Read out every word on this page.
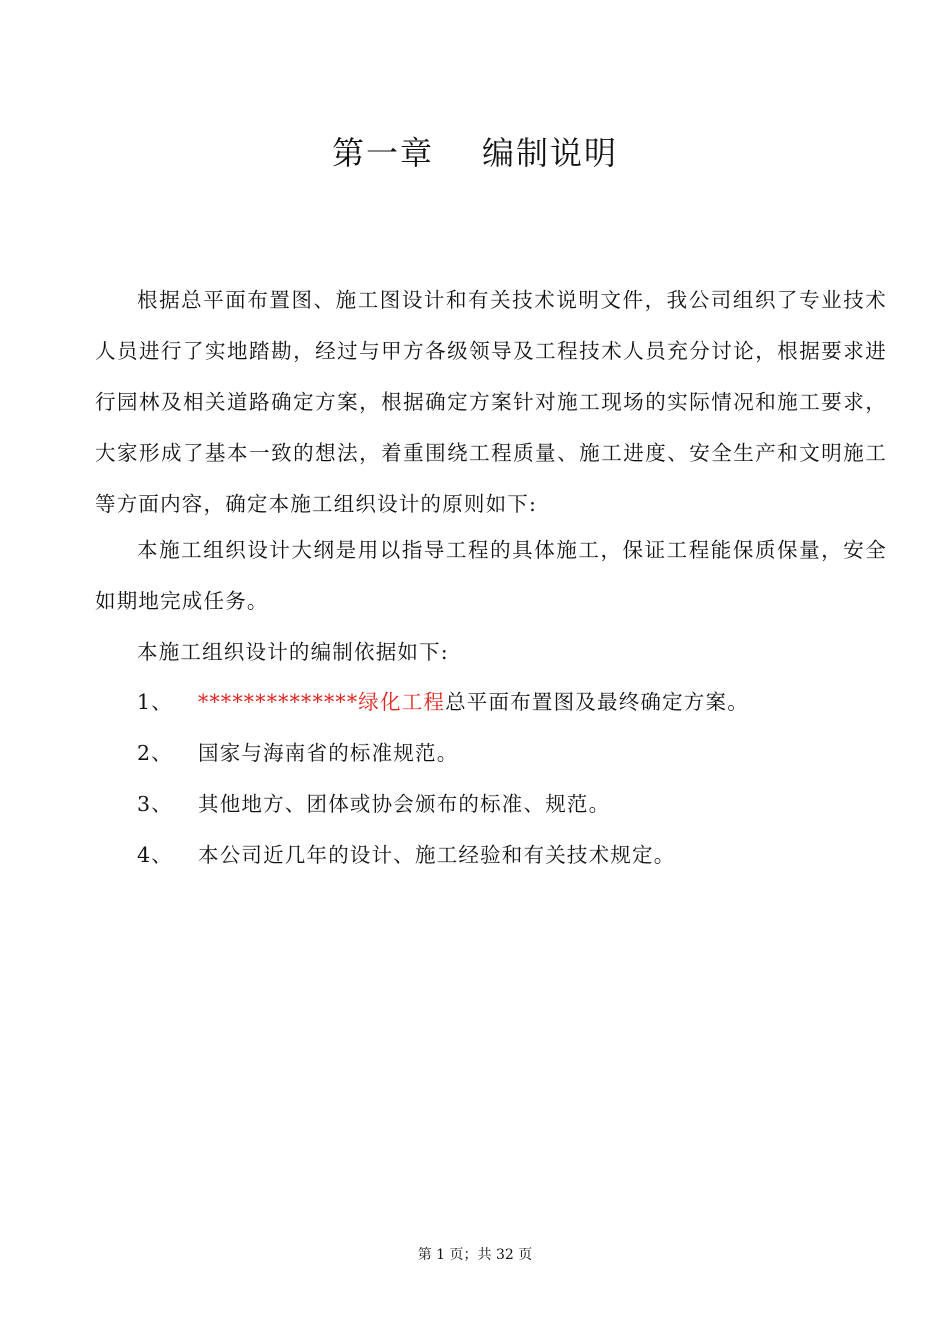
第一章 编制说明
根据总平面布置图、施工图设计和有关技术说明文件，我公司组织了专业技术人员进行了实地踏勘，经过与甲方各级领导及工程技术人员充分讨论，根据要求进行园林及相关道路确定方案，根据确定方案针对施工现场的实际情况和施工要求，大家形成了基本一致的想法，着重围绕工程质量、施工进度、安全生产和文明施工等方面内容，确定本施工组织设计的原则如下:
本施工组织设计大纲是用以指导工程的具体施工，保证工程能保质保量，安全如期地完成任务。
本施工组织设计的编制依据如下:
1、	**************绿化工程 总平面布置图及最终确定方案。
2、	国家与海南省的标准规范。
3、	其他地方、团体或协会颁布的标准、规范。
4、	本公司近几年的设计、施工经验和有关技术规定。
第 1 页；共 32 页
